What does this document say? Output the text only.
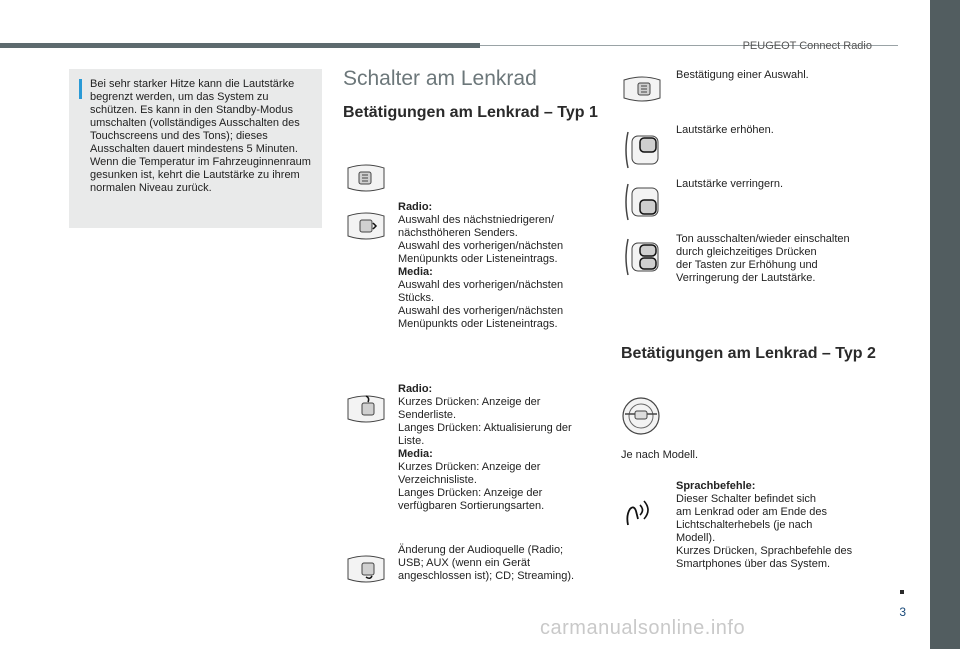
PEUGEOT Connect Radio
3
Bei sehr starker Hitze kann die Lautstärke begrenzt werden, um das System zu schützen. Es kann in den Standby-Modus umschalten (vollständiges Ausschalten des Touchscreens und des Tons); dieses Ausschalten dauert mindestens 5 Minuten. Wenn die Temperatur im Fahrzeuginnenraum gesunken ist, kehrt die Lautstärke zu ihrem normalen Niveau zurück.
Schalter am Lenkrad
Betätigungen am Lenkrad – Typ 1
Betätigungen am Lenkrad – Typ 2
Radio:
Auswahl des nächstniedrigeren/
nächsthöheren Senders.
Auswahl des vorherigen/nächsten
Menüpunkts oder Listeneintrags.
Media:
Auswahl des vorherigen/nächsten
Stücks.
Auswahl des vorherigen/nächsten
Menüpunkts oder Listeneintrags.
Radio:
Kurzes Drücken: Anzeige der
Senderliste.
Langes Drücken: Aktualisierung der
Liste.
Media:
Kurzes Drücken: Anzeige der
Verzeichnisliste.
Langes Drücken: Anzeige der
verfügbaren Sortierungsarten.
Änderung der Audioquelle (Radio;
USB; AUX (wenn ein Gerät
angeschlossen ist); CD; Streaming).
Bestätigung einer Auswahl.
Lautstärke erhöhen.
Lautstärke verringern.
Ton ausschalten/wieder einschalten
durch gleichzeitiges Drücken
der Tasten zur Erhöhung und
Verringerung der Lautstärke.
Je nach Modell.
Sprachbefehle:
Dieser Schalter befindet sich
am Lenkrad oder am Ende des
Lichtschalterhebels (je nach
Modell).
Kurzes Drücken, Sprachbefehle des
Smartphones über das System.
carmanualsonline.info
